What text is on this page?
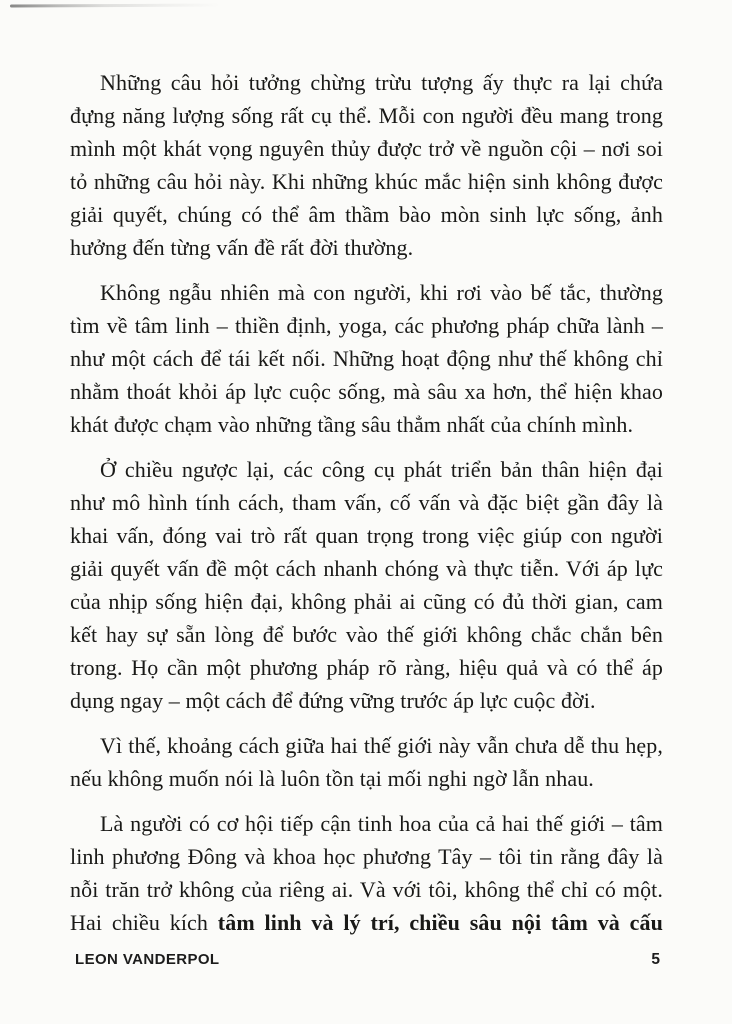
Những câu hỏi tưởng chừng trừu tượng ấy thực ra lại chứa đựng năng lượng sống rất cụ thể. Mỗi con người đều mang trong mình một khát vọng nguyên thủy được trở về nguồn cội – nơi soi tỏ những câu hỏi này. Khi những khúc mắc hiện sinh không được giải quyết, chúng có thể âm thầm bào mòn sinh lực sống, ảnh hưởng đến từng vấn đề rất đời thường.

Không ngẫu nhiên mà con người, khi rơi vào bế tắc, thường tìm về tâm linh – thiền định, yoga, các phương pháp chữa lành – như một cách để tái kết nối. Những hoạt động như thế không chỉ nhằm thoát khỏi áp lực cuộc sống, mà sâu xa hơn, thể hiện khao khát được chạm vào những tầng sâu thẳm nhất của chính mình.

Ở chiều ngược lại, các công cụ phát triển bản thân hiện đại như mô hình tính cách, tham vấn, cố vấn và đặc biệt gần đây là khai vấn, đóng vai trò rất quan trọng trong việc giúp con người giải quyết vấn đề một cách nhanh chóng và thực tiễn. Với áp lực của nhịp sống hiện đại, không phải ai cũng có đủ thời gian, cam kết hay sự sẵn lòng để bước vào thế giới không chắc chắn bên trong. Họ cần một phương pháp rõ ràng, hiệu quả và có thể áp dụng ngay – một cách để đứng vững trước áp lực cuộc đời.

Vì thế, khoảng cách giữa hai thế giới này vẫn chưa dễ thu hẹp, nếu không muốn nói là luôn tồn tại mối nghi ngờ lẫn nhau.

Là người có cơ hội tiếp cận tinh hoa của cả hai thế giới – tâm linh phương Đông và khoa học phương Tây – tôi tin rằng đây là nỗi trăn trở không của riêng ai. Và với tôi, không thể chỉ có một. Hai chiều kích tâm linh và lý trí, chiều sâu nội tâm và cấu

LEON VANDERPOL	5
